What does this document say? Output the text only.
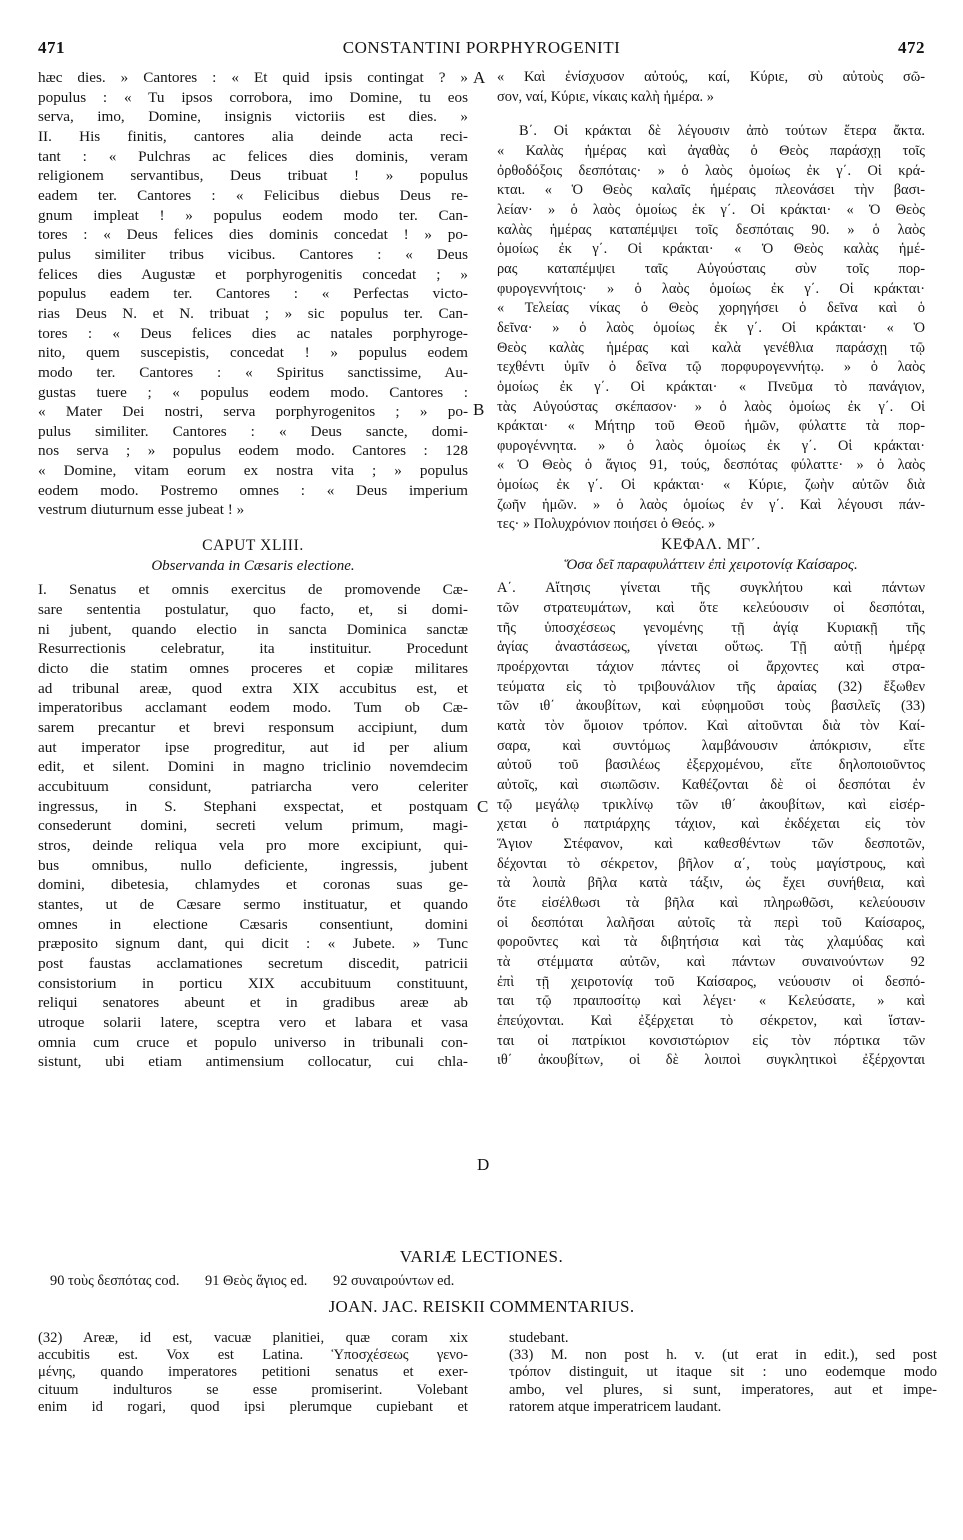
471	CONSTANTINI PORPHYROGENITI	472
hæc dies. » Cantores : « Et quid ipsis contingat ? »
populus : « Tu ipsos corrobora, imo Domine, tu eos
serva, imo, Domine, insignis victoriis est dies. »
II. His finitis, cantores alia deinde acta reci-
tant : « Pulchras ac felices dies dominis, veram
religionem servantibus, Deus tribuat ! » populus
eadem ter. Cantores : « Felicibus diebus Deus re-
gnum impleat ! » populus eodem modo ter. Can-
tores : « Deus felices dies dominis concedat ! » po-
pulus similiter tribus vicibus. Cantores : « Deus
felices dies Augustæ et porphyrogenitis concedat ; »
populus eadem ter. Cantores : « Perfectas victo-
rias Deus N. et N. tribuat ; » sic populus ter. Can-
tores : « Deus felices dies ac natales porphyroge-
nito, quem suscepistis, concedat ! » populus eodem
modo ter. Cantores : « Spiritus sanctissime, Au-
gustas tuere ; « populus eodem modo. Cantores :
« Mater Dei nostri, serva porphyrogenitos ; » po-
pulus similiter. Cantores : « Deus sancte, domi-
nos serva ; » populus eodem modo. Cantores : 128
« Domine, vitam eorum ex nostra vita ; » populus
eodem modo. Postremo omnes : « Deus imperium
vestrum diuturnum esse jubeat ! »
CAPUT XLIII.
Observanda in Cæsaris electione.
I. Senatus et omnis exercitus de promovende Cæ-
sare sententia postulatur, quo facto, et, si domi-
ni jubent, quando electio in sancta Dominica sanctæ
Resurrectionis celebratur, ita instituitur. Procedunt
dicto die statim omnes proceres et copiæ militares
ad tribunal areæ, quod extra XIX accubitus est, et
imperatoribus acclamant eodem modo. Tum ob Cæ-
sarem precantur et brevi responsum accipiunt, dum
aut imperator ipse progreditur, aut id per alium
edit, et silent. Domini in magno triclinio novemdecim
accubituum considunt, patriarcha vero celeriter
ingressus, in S. Stephani exspectat, et postquam
consederunt domini, secreti velum primum, magi-
stros, deinde reliqua vela pro more excipiunt, qui-
bus omnibus, nullo deficiente, ingressis, jubent
domini, dibetesia, chlamydes et coronas suas ge-
stantes, ut de Cæsare sermo instituatur, et quando
omnes in electione Cæsaris consentiunt, domini
præposito signum dant, qui dicit : « Jubete. » Tunc
post faustas acclamationes secretum discedit, patricii
consistorium in porticu XIX accubituum constituunt,
reliqui senatores abeunt et in gradibus areæ ab
utroque solarii latere, sceptra vero et labara et vasa
omnia cum cruce et populo universo in tribunali con-
sistunt, ubi etiam antimensium collocatur, cui chla-
« Καὶ ἐνίσχυσον αὐτούς, καί, Κύριε, σὺ αὐτοὺς σῶ-
σον, ναί, Κύριε, νίκαις καλὴ ἡμέρα. »
Β΄. Οἱ κράκται δὲ λέγουσιν ἀπὸ τούτων ἕτερα ἄκτα.
« Καλὰς ἡμέρας καὶ ἀγαθὰς ὁ Θεὸς παράσχῃ τοῖς
ὀρθοδόξοις δεσπόταις· » ὁ λαὸς ὁμοίως ἐκ γ΄. Οἱ κρά-
κται. « Ὁ Θεὸς καλαῖς ἡμέραις πλεονάσει τὴν βασι-
λείαν· » ὁ λαὸς ὁμοίως ἐκ γ΄. Οἱ κράκται· « Ὁ Θεὸς
καλὰς ἡμέρας καταπέμψει τοῖς δεσπόταις 90. » ὁ λαὸς
ὁμοίως ἐκ γ΄. Οἱ κράκται· « Ὁ Θεὸς καλὰς ἡμέ-
ρας καταπέμψει ταῖς Αὐγούσταις σὺν τοῖς πορ-
φυρογεννήτοις· » ὁ λαὸς ὁμοίως ἐκ γ΄. Οἱ κράκται·
« Τελείας νίκας ὁ Θεὸς χορηγήσει ὁ δεῖνα καὶ ὁ
δεῖνα· » ὁ λαὸς ὁμοίως ἐκ γ΄. Οἱ κράκται· « Ὁ
Θεὸς καλὰς ἡμέρας καὶ καλὰ γενέθλια παράσχῃ τῷ
τεχθέντι ὑμῖν ὁ δεῖνα τῷ πορφυρογεννήτῳ. » ὁ λαὸς
ὁμοίως ἐκ γ΄. Οἱ κράκται· « Πνεῦμα τὸ πανάγιον,
τὰς Αὐγούστας σκέπασον· » ὁ λαὸς ὁμοίως ἐκ γ΄. Οἱ
κράκται· « Μήτηρ τοῦ Θεοῦ ἡμῶν, φύλαττε τὰ πορ-
φυρογέννητα. » ὁ λαὸς ὁμοίως ἐκ γ΄. Οἱ κράκται·
« Ὁ Θεὸς ὁ ἅγιος 91, τούς, δεσπότας φύλαττε· » ὁ λαὸς
ὁμοίως ἐκ γ΄. Οἱ κράκται· « Κύριε, ζωὴν αὐτῶν διὰ
ζωῆν ἡμῶν. » ὁ λαὸς ὁμοίως ἐν γ΄. Καὶ λέγουσι πάν-
τες· » Πολυχρόνιον ποιήσει ὁ Θεός. »
ΚΕΦΑΛ. ΜΓ΄.
Ὅσα δεῖ παραφυλάττειν ἐπὶ χειροτονίᾳ Καίσαρος.
Α΄. Αἴτησις γίνεται τῆς συγκλήτου καὶ πάντων
τῶν στρατευμάτων, καὶ ὅτε κελεύουσιν οἱ δεσπόται,
τῆς ὑποσχέσεως γενομένης τῇ ἁγίᾳ Κυριακῇ τῆς
ἁγίας ἀναστάσεως, γίνεται οὕτως. Τῇ αὐτῇ ἡμέρᾳ
προέρχονται τάχιον πάντες οἱ ἄρχοντες καὶ στρα-
τεύματα εἰς τὸ τριβουνάλιον τῆς ἀραίας (32) ἔξωθεν
τῶν ιθ΄ ἀκουβίτων, καὶ εὐφημοῦσι τοὺς βασιλεῖς (33)
κατὰ τὸν ὅμοιον τρόπον. Καὶ αἰτοῦνται διὰ τὸν Καί-
σαρα, καὶ συντόμως λαμβάνουσιν ἀπόκρισιν, εἴτε
αὐτοῦ τοῦ βασιλέως ἐξερχομένου, εἴτε δηλοποιοῦντος
αὐτοῖς, καὶ σιωπῶσιν. Καθέζονται δὲ οἱ δεσπόται ἐν
τῷ μεγάλῳ τρικλίνῳ τῶν ιθ΄ ἀκουβίτων, καὶ εἰσέρ-
χεται ὁ πατριάρχης τάχιον, καὶ ἐκδέχεται εἰς τὸν
Ἅγιον Στέφανον, καὶ καθεσθέντων τῶν δεσποτῶν,
δέχονται τὸ σέκρετον, βῆλον α΄, τοὺς μαγίστρους, καὶ
τὰ λοιπὰ βῆλα κατὰ τάξιν, ὡς ἔχει συνήθεια, καὶ
ὅτε εἰσέλθωσι τὰ βῆλα καὶ πληρωθῶσι, κελεύουσιν
οἱ δεσπόται λαλῆσαι αὐτοῖς τὰ περὶ τοῦ Καίσαρος,
φοροῦντες καὶ τὰ διβητήσια καὶ τὰς χλαμύδας καὶ
τὰ στέμματα αὐτῶν, καὶ πάντων συναινούντων 92
ἐπὶ τῇ χειροτονίᾳ τοῦ Καίσαρος, νεύουσιν οἱ δεσπό-
ται τῷ πραιποσίτῳ καὶ λέγει· « Κελεύσατε, » καὶ
ἐπεύχονται. Καὶ ἐξέρχεται τὸ σέκρετον, καὶ ἵσταν-
ται οἱ πατρίκιοι κονσιστώριον εἰς τὸν πόρτικα τῶν
ιθ΄ ἀκουβίτων, οἱ δὲ λοιποὶ συγκλητικοὶ ἐξέρχονται
A
B
C
D
VARIÆ LECTIONES.
90 τοὺς δεσπότας cod. 91 Θεὸς ἅγιος ed. 92 συναιρούντων ed.
JOAN. JAC. REISKII COMMENTARIUS.
(32) Areæ, id est, vacuæ planitiei, quæ coram xix
accubitis est. Vox est Latina. Ὑποσχέσεως γενο-
μένης, quando imperatores petitioni senatus et exer-
cituum indulturos se esse promiserint. Volebant
enim id rogari, quod ipsi plerumque cupiebant et
studebant.
(33) M. non post h. v. (ut erat in edit.), sed post
τρόπον distinguit, ut itaque sit : uno eodemque modo
ambo, vel plures, si sunt, imperatores, aut et impe-
ratorem atque imperatricem laudant.
